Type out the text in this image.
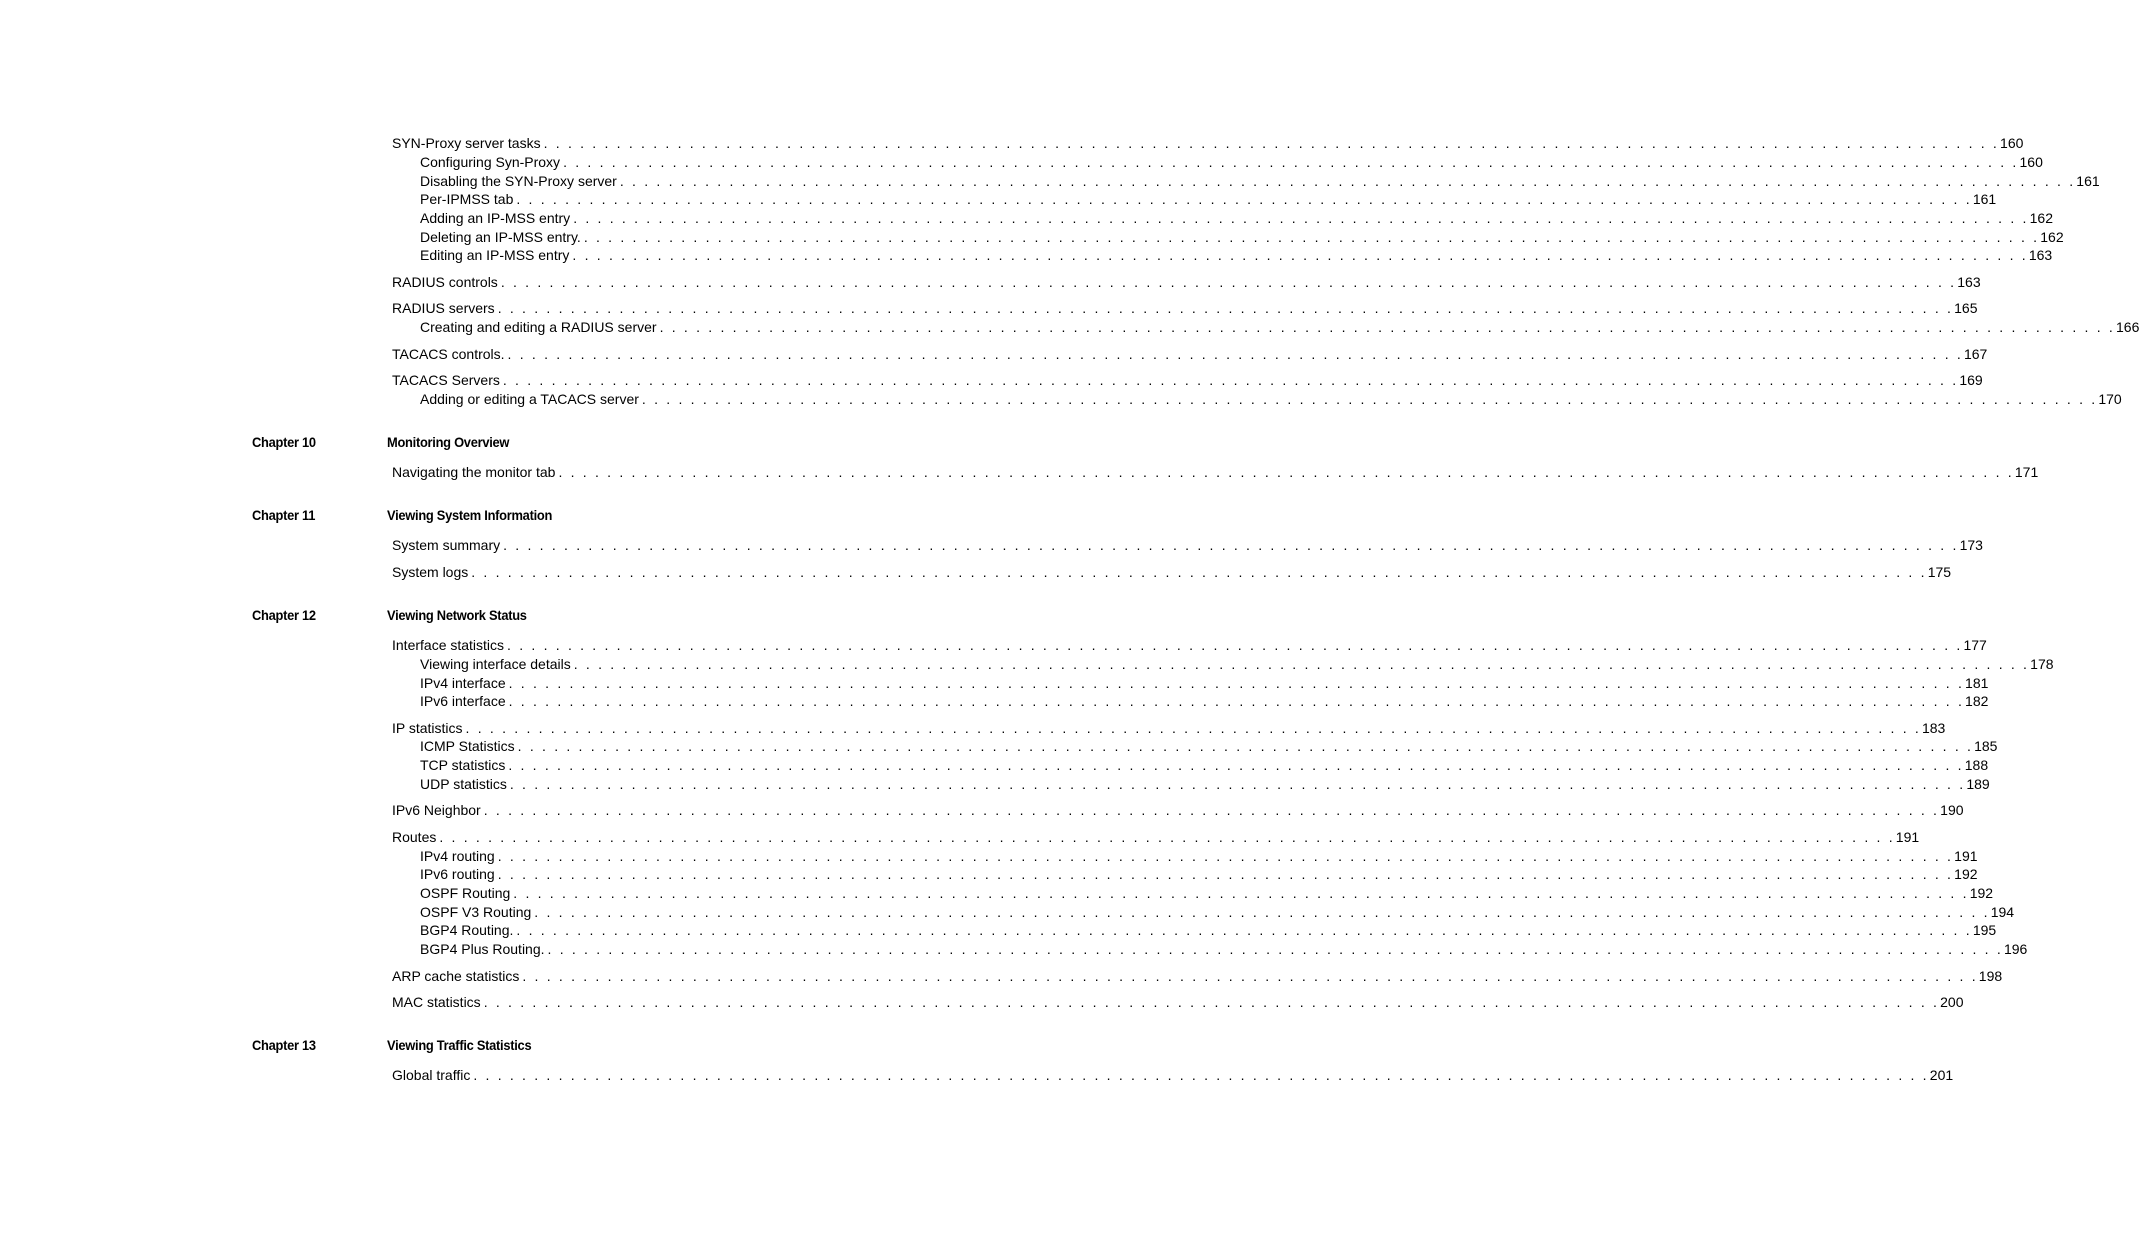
SYN-Proxy server tasks . . . . . . . . . . . . . . . . . . . . . . . . . . . . . . . . . . . . . . . . . . . . . . . . . . . . . . . . . . . . . . . . . . . . . . . . . . . . . . . . . . . . . . . . . . . . . . . . . . . . . . . . . . . . . . . . . . . . . . . . 160
Configuring Syn-Proxy . . . . . . . . . . . . . . . . . . . . . . . . . . . . . . . . . . . . . . . . . . . . . . . . . . . . . . . . . . . . . . . . . . . . . . . . . . . . . . . . . . . . . . . . . . . . . . . . . . . . . . . . . . . . . . . . . . . . . . . . 160
Disabling the SYN-Proxy server . . . . . . . . . . . . . . . . . . . . . . . . . . . . . . . . . . . . . . . . . . . . . . . . . . . . . . . . . . . . . . . . . . . . . . . . . . . . . . . . . . . . . . . . . . . . . . . . . . . . . . . . . . . . . . . . . . . . . . . . 161
Per-IPMSS tab . . . . . . . . . . . . . . . . . . . . . . . . . . . . . . . . . . . . . . . . . . . . . . . . . . . . . . . . . . . . . . . . . . . . . . . . . . . . . . . . . . . . . . . . . . . . . . . . . . . . . . . . . . . . . . . . . . . . . . . . 161
Adding an IP-MSS entry . . . . . . . . . . . . . . . . . . . . . . . . . . . . . . . . . . . . . . . . . . . . . . . . . . . . . . . . . . . . . . . . . . . . . . . . . . . . . . . . . . . . . . . . . . . . . . . . . . . . . . . . . . . . . . . . . . . . . . . . 162
Deleting an IP-MSS entry. . . . . . . . . . . . . . . . . . . . . . . . . . . . . . . . . . . . . . . . . . . . . . . . . . . . . . . . . . . . . . . . . . . . . . . . . . . . . . . . . . . . . . . . . . . . . . . . . . . . . . . . . . . . . . . . . . . . . . . . . 162
Editing an IP-MSS entry . . . . . . . . . . . . . . . . . . . . . . . . . . . . . . . . . . . . . . . . . . . . . . . . . . . . . . . . . . . . . . . . . . . . . . . . . . . . . . . . . . . . . . . . . . . . . . . . . . . . . . . . . . . . . . . . . . . . . . . . 163
RADIUS controls . . . . . . . . . . . . . . . . . . . . . . . . . . . . . . . . . . . . . . . . . . . . . . . . . . . . . . . . . . . . . . . . . . . . . . . . . . . . . . . . . . . . . . . . . . . . . . . . . . . . . . . . . . . . . . . . . . . . . . . . 163
RADIUS servers . . . . . . . . . . . . . . . . . . . . . . . . . . . . . . . . . . . . . . . . . . . . . . . . . . . . . . . . . . . . . . . . . . . . . . . . . . . . . . . . . . . . . . . . . . . . . . . . . . . . . . . . . . . . . . . . . . . . . . . . 165
Creating and editing a RADIUS server . . . . . . . . . . . . . . . . . . . . . . . . . . . . . . . . . . . . . . . . . . . . . . . . . . . . . . . . . . . . . . . . . . . . . . . . . . . . . . . . . . . . . . . . . . . . . . . . . . . . . . . . . . . . . . . . . . . . . . . . 166
TACACS controls. . . . . . . . . . . . . . . . . . . . . . . . . . . . . . . . . . . . . . . . . . . . . . . . . . . . . . . . . . . . . . . . . . . . . . . . . . . . . . . . . . . . . . . . . . . . . . . . . . . . . . . . . . . . . . . . . . . . . . . . . 167
TACACS Servers . . . . . . . . . . . . . . . . . . . . . . . . . . . . . . . . . . . . . . . . . . . . . . . . . . . . . . . . . . . . . . . . . . . . . . . . . . . . . . . . . . . . . . . . . . . . . . . . . . . . . . . . . . . . . . . . . . . . . . . . 169
Adding or editing a TACACS server . . . . . . . . . . . . . . . . . . . . . . . . . . . . . . . . . . . . . . . . . . . . . . . . . . . . . . . . . . . . . . . . . . . . . . . . . . . . . . . . . . . . . . . . . . . . . . . . . . . . . . . . . . . . . . . . . . . . . . . . 170
Chapter 10	Monitoring Overview
Navigating the monitor tab . . . . . . . . . . . . . . . . . . . . . . . . . . . . . . . . . . . . . . . . . . . . . . . . . . . . . . . . . . . . . . . . . . . . . . . . . . . . . . . . . . . . . . . . . . . . . . . . . . . . . . . . . . . . . . . . . . . . . . . . 171
Chapter 11	Viewing System Information
System summary . . . . . . . . . . . . . . . . . . . . . . . . . . . . . . . . . . . . . . . . . . . . . . . . . . . . . . . . . . . . . . . . . . . . . . . . . . . . . . . . . . . . . . . . . . . . . . . . . . . . . . . . . . . . . . . . . . . . . . . . 173
System logs . . . . . . . . . . . . . . . . . . . . . . . . . . . . . . . . . . . . . . . . . . . . . . . . . . . . . . . . . . . . . . . . . . . . . . . . . . . . . . . . . . . . . . . . . . . . . . . . . . . . . . . . . . . . . . . . . . . . . . . . 175
Chapter 12	Viewing Network Status
Interface statistics . . . . . . . . . . . . . . . . . . . . . . . . . . . . . . . . . . . . . . . . . . . . . . . . . . . . . . . . . . . . . . . . . . . . . . . . . . . . . . . . . . . . . . . . . . . . . . . . . . . . . . . . . . . . . . . . . . . . . . . . 177
Viewing interface details . . . . . . . . . . . . . . . . . . . . . . . . . . . . . . . . . . . . . . . . . . . . . . . . . . . . . . . . . . . . . . . . . . . . . . . . . . . . . . . . . . . . . . . . . . . . . . . . . . . . . . . . . . . . . . . . . . . . . . . . 178
IPv4 interface . . . . . . . . . . . . . . . . . . . . . . . . . . . . . . . . . . . . . . . . . . . . . . . . . . . . . . . . . . . . . . . . . . . . . . . . . . . . . . . . . . . . . . . . . . . . . . . . . . . . . . . . . . . . . . . . . . . . . . . . 181
IPv6 interface . . . . . . . . . . . . . . . . . . . . . . . . . . . . . . . . . . . . . . . . . . . . . . . . . . . . . . . . . . . . . . . . . . . . . . . . . . . . . . . . . . . . . . . . . . . . . . . . . . . . . . . . . . . . . . . . . . . . . . . . 182
IP statistics . . . . . . . . . . . . . . . . . . . . . . . . . . . . . . . . . . . . . . . . . . . . . . . . . . . . . . . . . . . . . . . . . . . . . . . . . . . . . . . . . . . . . . . . . . . . . . . . . . . . . . . . . . . . . . . . . . . . . . . . 183
ICMP Statistics . . . . . . . . . . . . . . . . . . . . . . . . . . . . . . . . . . . . . . . . . . . . . . . . . . . . . . . . . . . . . . . . . . . . . . . . . . . . . . . . . . . . . . . . . . . . . . . . . . . . . . . . . . . . . . . . . . . . . . . . 185
TCP statistics . . . . . . . . . . . . . . . . . . . . . . . . . . . . . . . . . . . . . . . . . . . . . . . . . . . . . . . . . . . . . . . . . . . . . . . . . . . . . . . . . . . . . . . . . . . . . . . . . . . . . . . . . . . . . . . . . . . . . . . . 188
UDP statistics . . . . . . . . . . . . . . . . . . . . . . . . . . . . . . . . . . . . . . . . . . . . . . . . . . . . . . . . . . . . . . . . . . . . . . . . . . . . . . . . . . . . . . . . . . . . . . . . . . . . . . . . . . . . . . . . . . . . . . . . 189
IPv6 Neighbor . . . . . . . . . . . . . . . . . . . . . . . . . . . . . . . . . . . . . . . . . . . . . . . . . . . . . . . . . . . . . . . . . . . . . . . . . . . . . . . . . . . . . . . . . . . . . . . . . . . . . . . . . . . . . . . . . . . . . . . . 190
Routes . . . . . . . . . . . . . . . . . . . . . . . . . . . . . . . . . . . . . . . . . . . . . . . . . . . . . . . . . . . . . . . . . . . . . . . . . . . . . . . . . . . . . . . . . . . . . . . . . . . . . . . . . . . . . . . . . . . . . . . . 191
IPv4 routing . . . . . . . . . . . . . . . . . . . . . . . . . . . . . . . . . . . . . . . . . . . . . . . . . . . . . . . . . . . . . . . . . . . . . . . . . . . . . . . . . . . . . . . . . . . . . . . . . . . . . . . . . . . . . . . . . . . . . . . . 191
IPv6 routing . . . . . . . . . . . . . . . . . . . . . . . . . . . . . . . . . . . . . . . . . . . . . . . . . . . . . . . . . . . . . . . . . . . . . . . . . . . . . . . . . . . . . . . . . . . . . . . . . . . . . . . . . . . . . . . . . . . . . . . . 192
OSPF Routing . . . . . . . . . . . . . . . . . . . . . . . . . . . . . . . . . . . . . . . . . . . . . . . . . . . . . . . . . . . . . . . . . . . . . . . . . . . . . . . . . . . . . . . . . . . . . . . . . . . . . . . . . . . . . . . . . . . . . . . . 192
OSPF V3 Routing . . . . . . . . . . . . . . . . . . . . . . . . . . . . . . . . . . . . . . . . . . . . . . . . . . . . . . . . . . . . . . . . . . . . . . . . . . . . . . . . . . . . . . . . . . . . . . . . . . . . . . . . . . . . . . . . . . . . . . . . 194
BGP4 Routing. . . . . . . . . . . . . . . . . . . . . . . . . . . . . . . . . . . . . . . . . . . . . . . . . . . . . . . . . . . . . . . . . . . . . . . . . . . . . . . . . . . . . . . . . . . . . . . . . . . . . . . . . . . . . . . . . . . . . . . . . 195
BGP4 Plus Routing. . . . . . . . . . . . . . . . . . . . . . . . . . . . . . . . . . . . . . . . . . . . . . . . . . . . . . . . . . . . . . . . . . . . . . . . . . . . . . . . . . . . . . . . . . . . . . . . . . . . . . . . . . . . . . . . . . . . . . . . . 196
ARP cache statistics . . . . . . . . . . . . . . . . . . . . . . . . . . . . . . . . . . . . . . . . . . . . . . . . . . . . . . . . . . . . . . . . . . . . . . . . . . . . . . . . . . . . . . . . . . . . . . . . . . . . . . . . . . . . . . . . . . . . . . . . 198
MAC statistics . . . . . . . . . . . . . . . . . . . . . . . . . . . . . . . . . . . . . . . . . . . . . . . . . . . . . . . . . . . . . . . . . . . . . . . . . . . . . . . . . . . . . . . . . . . . . . . . . . . . . . . . . . . . . . . . . . . . . . . . 200
Chapter 13	Viewing Traffic Statistics
Global traffic . . . . . . . . . . . . . . . . . . . . . . . . . . . . . . . . . . . . . . . . . . . . . . . . . . . . . . . . . . . . . . . . . . . . . . . . . . . . . . . . . . . . . . . . . . . . . . . . . . . . . . . . . . . . . . . . . . . . . . . . 201
